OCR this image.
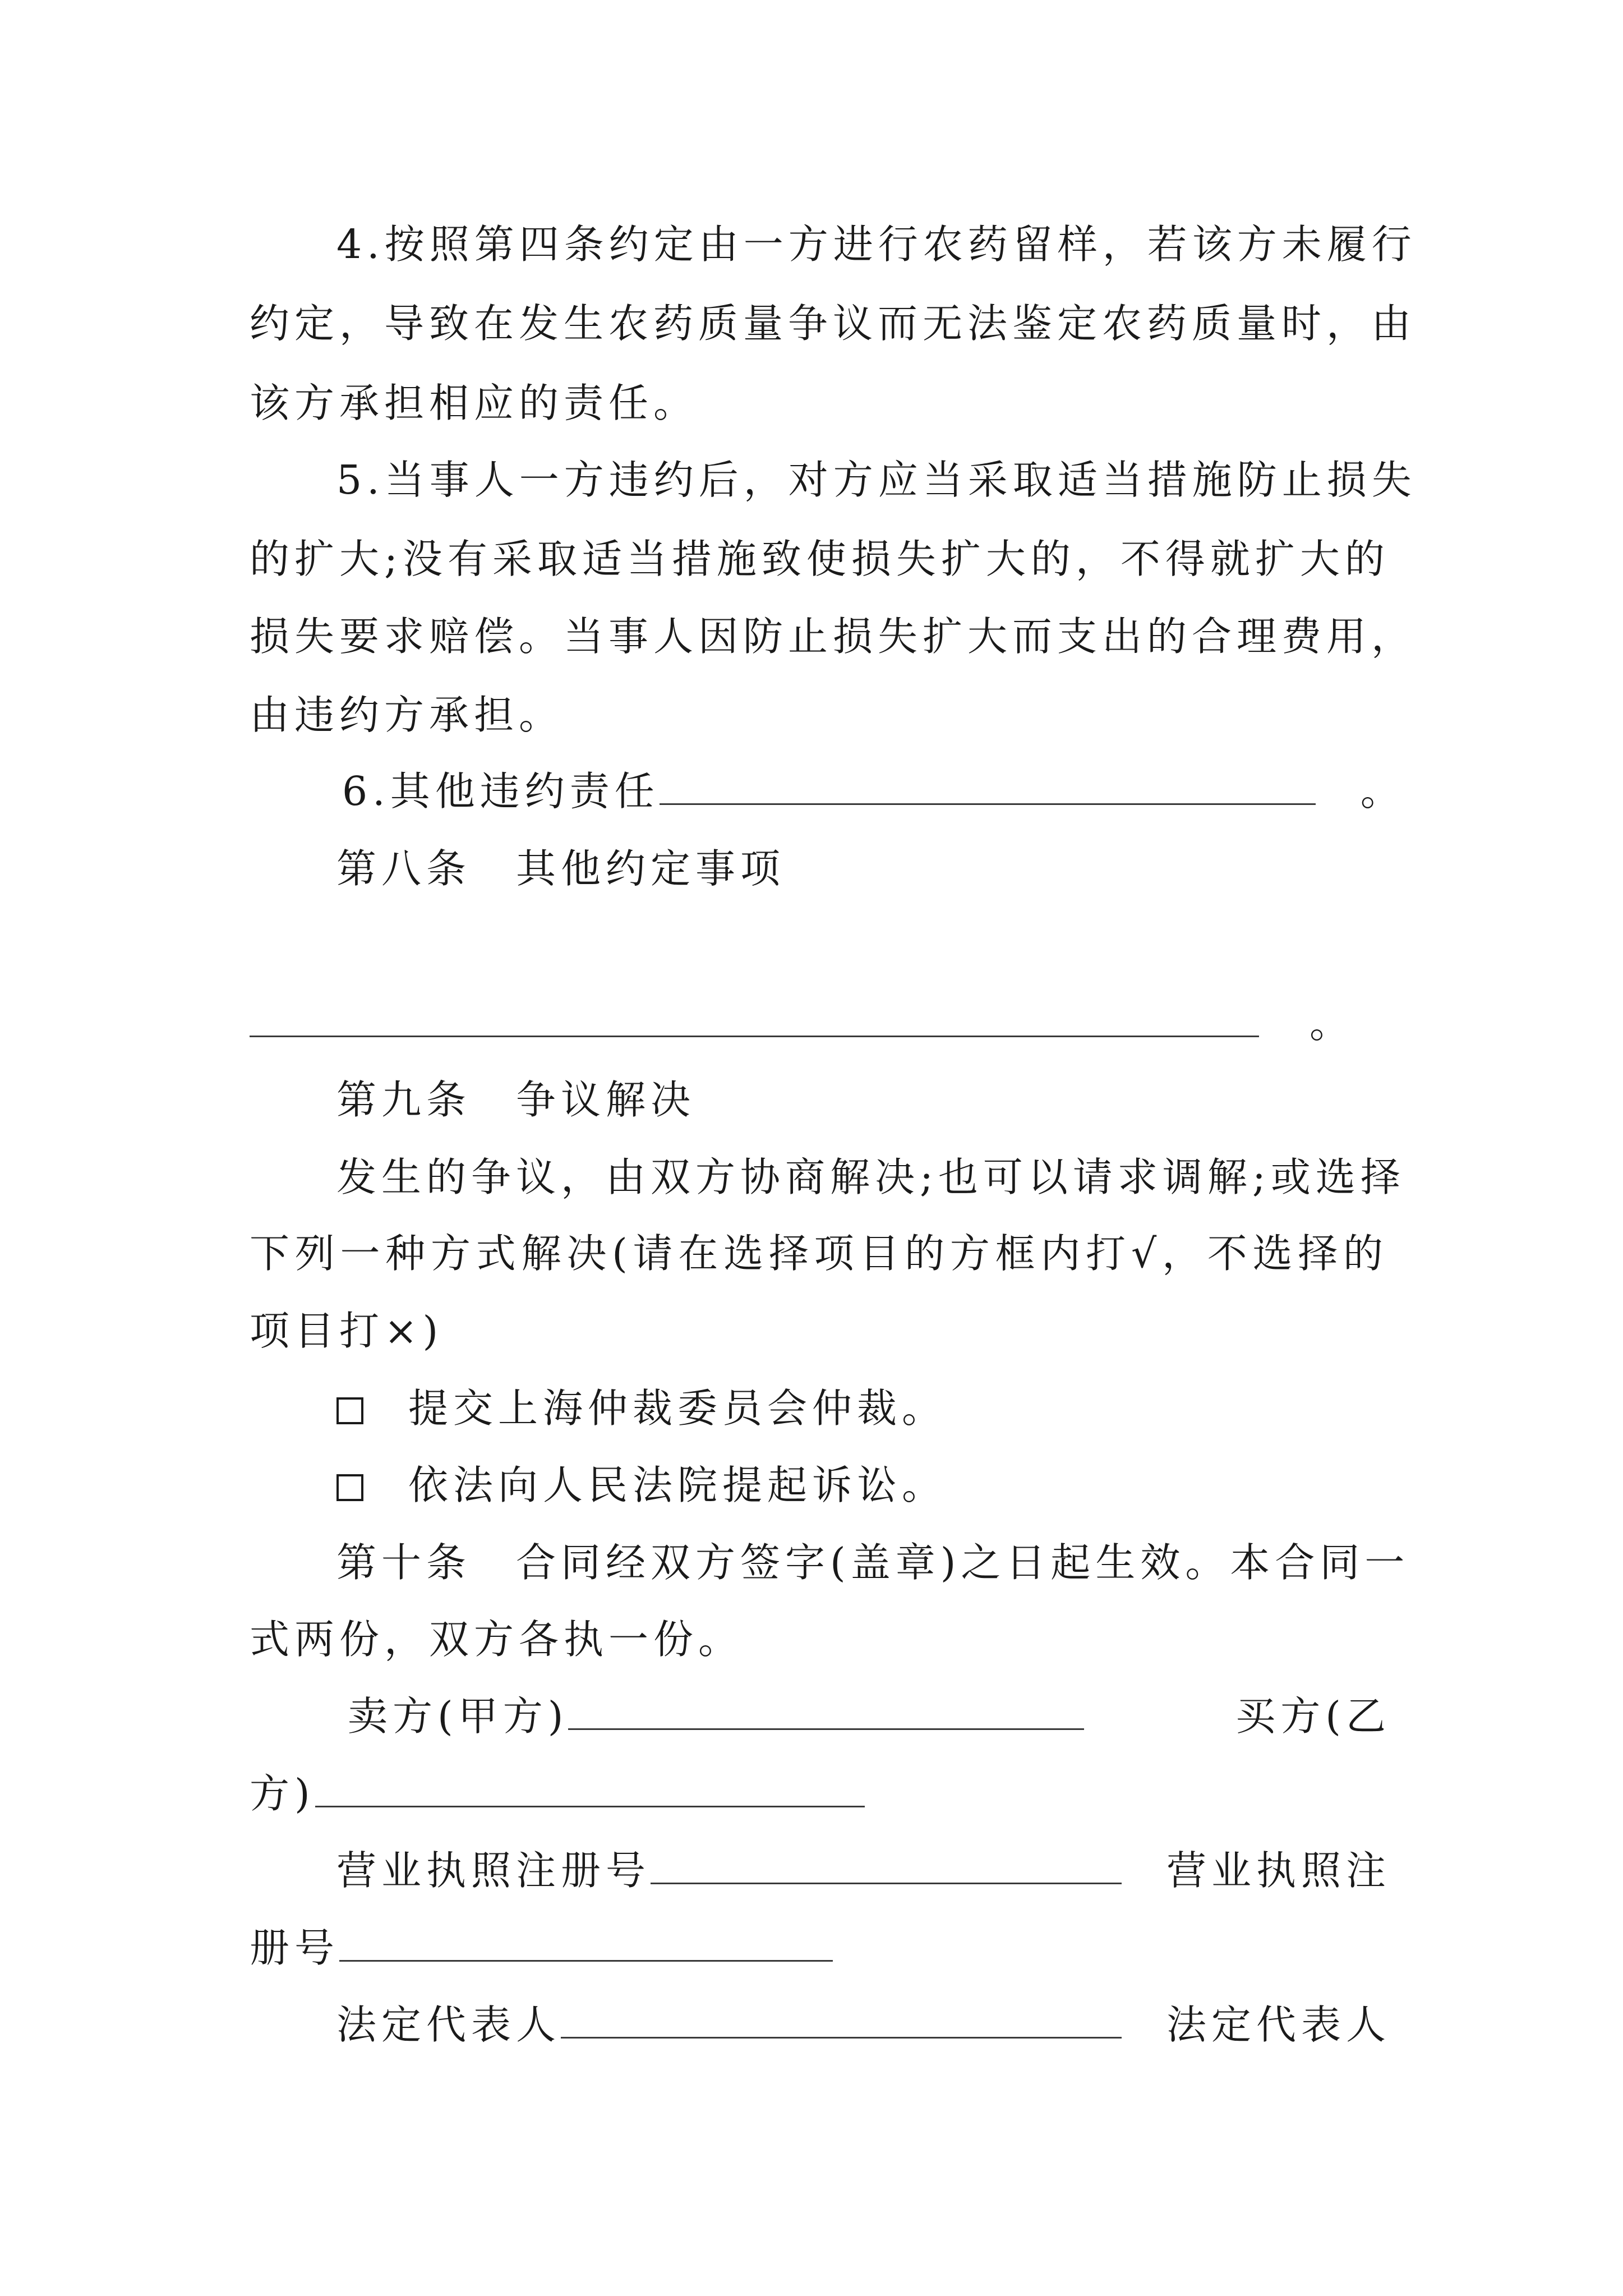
4.按照第四条约定由一方进行农药留样，若该方未履行
约定，导致在发生农药质量争议而无法鉴定农药质量时，由
该方承担相应的责任。
5.当事人一方违约后，对方应当采取适当措施防止损失
的扩大;没有采取适当措施致使损失扩大的，不得就扩大的
损失要求赔偿。当事人因防止损失扩大而支出的合理费用，
由违约方承担。
6.其他违约责任	。
第八条　其他约定事项
。
第九条　争议解决
发生的争议，由双方协商解决;也可以请求调解;或选择
下列一种方式解决(请在选择项目的方框内打√，不选择的
项目打×)
提交上海仲裁委员会仲裁。
依法向人民法院提起诉讼。
第十条　合同经双方签字(盖章)之日起生效。本合同一
式两份，双方各执一份。
卖方(甲方)	买方(乙
方)
营业执照注册号	营业执照注
册号
法定代表人	法定代表人
